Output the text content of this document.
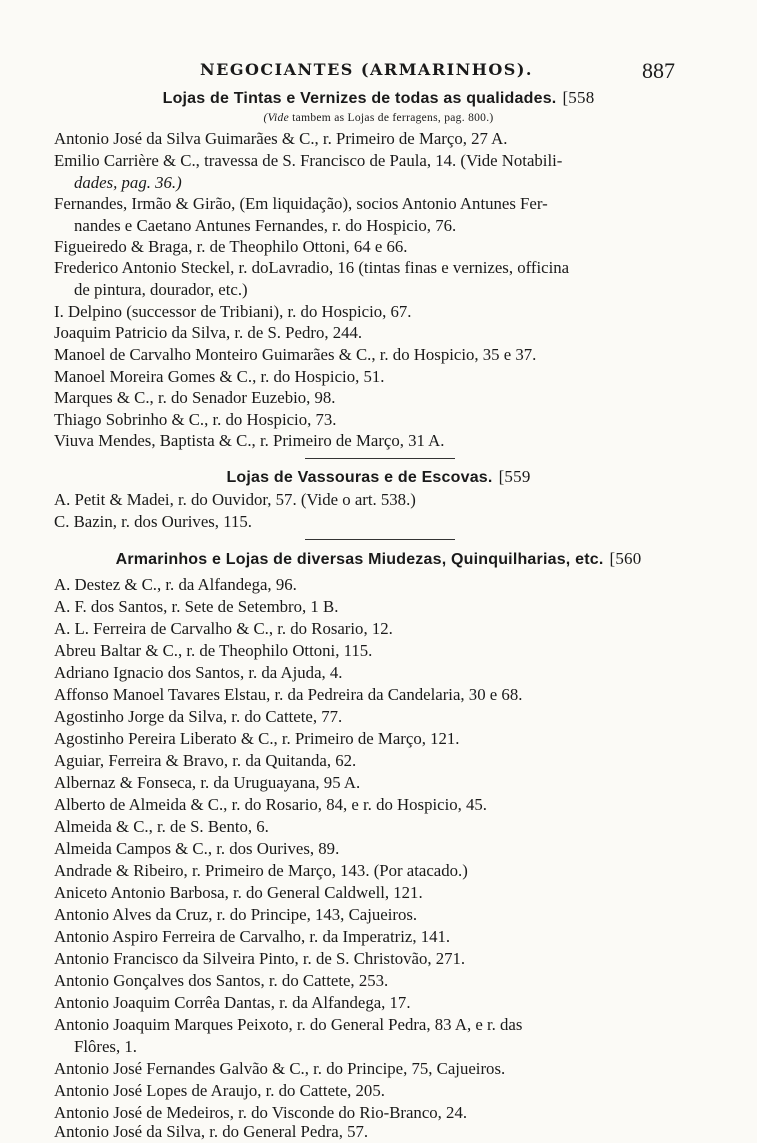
NEGOCIANTES (ARMARINHOS).	887
Lojas de Tintas e Vernizes de todas as qualidades. [558
(Vide tambem as Lojas de ferragens, pag. 800.)
Antonio José da Silva Guimarães & C., r. Primeiro de Março, 27 A.
Emilio Carrière & C., travessa de S. Francisco de Paula, 14. (Vide Notabili-
dades, pag. 36.)
Fernandes, Irmão & Girão, (Em liquidação), socios Antonio Antunes Fer-
nandes e Caetano Antunes Fernandes, r. do Hospicio, 76.
Figueiredo & Braga, r. de Theophilo Ottoni, 64 e 66.
Frederico Antonio Steckel, r. doLavradio, 16 (tintas finas e vernizes, officina
de pintura, dourador, etc.)
I. Delpino (successor de Tribiani), r. do Hospicio, 67.
Joaquim Patricio da Silva, r. de S. Pedro, 244.
Manoel de Carvalho Monteiro Guimarães & C., r. do Hospicio, 35 e 37.
Manoel Moreira Gomes & C., r. do Hospicio, 51.
Marques & C., r. do Senador Euzebio, 98.
Thiago Sobrinho & C., r. do Hospicio, 73.
Viuva Mendes, Baptista & C., r. Primeiro de Março, 31 A.
Lojas de Vassouras e de Escovas. [559
A. Petit & Madei, r. do Ouvidor, 57. (Vide o art. 538.)
C. Bazin, r. dos Ourives, 115.
Armarinhos e Lojas de diversas Miudezas, Quinquilharias, etc. [560
A. Destez & C., r. da Alfandega, 96.
A. F. dos Santos, r. Sete de Setembro, 1 B.
A. L. Ferreira de Carvalho & C., r. do Rosario, 12.
Abreu Baltar & C., r. de Theophilo Ottoni, 115.
Adriano Ignacio dos Santos, r. da Ajuda, 4.
Affonso Manoel Tavares Elstau, r. da Pedreira da Candelaria, 30 e 68.
Agostinho Jorge da Silva, r. do Cattete, 77.
Agostinho Pereira Liberato & C., r. Primeiro de Março, 121.
Aguiar, Ferreira & Bravo, r. da Quitanda, 62.
Albernaz & Fonseca, r. da Uruguayana, 95 A.
Alberto de Almeida & C., r. do Rosario, 84, e r. do Hospicio, 45.
Almeida & C., r. de S. Bento, 6.
Almeida Campos & C., r. dos Ourives, 89.
Andrade & Ribeiro, r. Primeiro de Março, 143. (Por atacado.)
Aniceto Antonio Barbosa, r. do General Caldwell, 121.
Antonio Alves da Cruz, r. do Principe, 143, Cajueiros.
Antonio Aspiro Ferreira de Carvalho, r. da Imperatriz, 141.
Antonio Francisco da Silveira Pinto, r. de S. Christovão, 271.
Antonio Gonçalves dos Santos, r. do Cattete, 253.
Antonio Joaquim Corrêa Dantas, r. da Alfandega, 17.
Antonio Joaquim Marques Peixoto, r. do General Pedra, 83 A, e r. das
Flôres, 1.
Antonio José Fernandes Galvão & C., r. do Principe, 75, Cajueiros.
Antonio José Lopes de Araujo, r. do Cattete, 205.
Antonio José de Medeiros, r. do Visconde do Rio-Branco, 24.
Antonio José da Silva, r. do General Pedra, 57.
